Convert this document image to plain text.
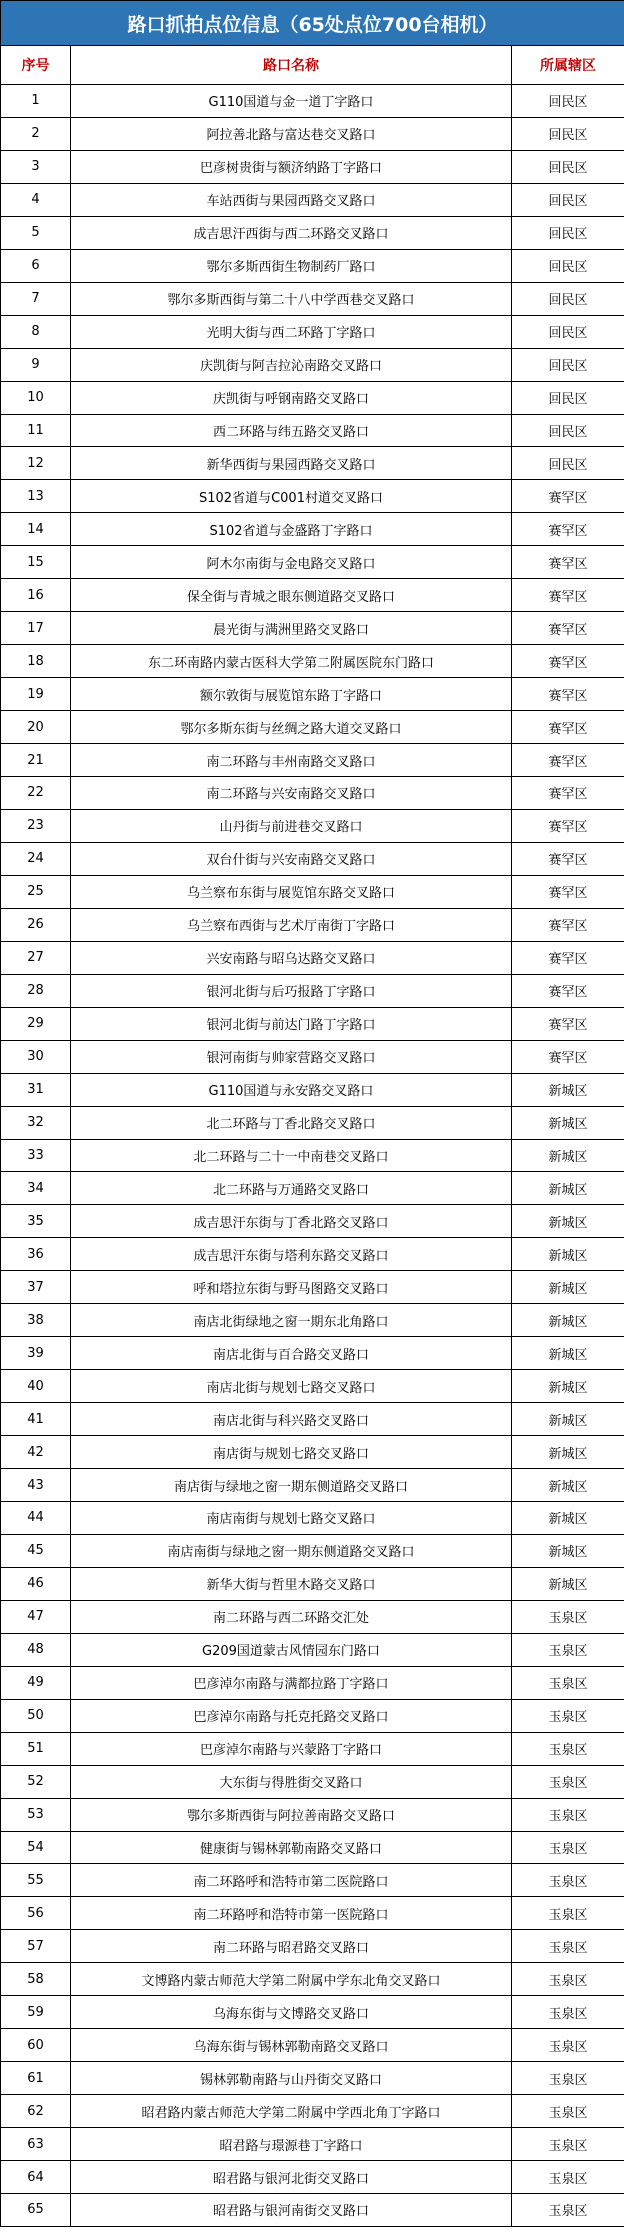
路口抓拍点位信息（65处点位700台相机）		
序号	路口名称	所属辖区
1	G110国道与金一道丁字路口	回民区
2	阿拉善北路与富达巷交叉路口	回民区
3	巴彦树贵街与额济纳路丁字路口	回民区
4	车站西街与果园西路交叉路口	回民区
5	成吉思汗西街与西二环路交叉路口	回民区
6	鄂尔多斯西街生物制药厂路口	回民区
7	鄂尔多斯西街与第二十八中学西巷交叉路口	回民区
8	光明大街与西二环路丁字路口	回民区
9	庆凯街与阿吉拉沁南路交叉路口	回民区
10	庆凯街与呼钢南路交叉路口	回民区
11	西二环路与纬五路交叉路口	回民区
12	新华西街与果园西路交叉路口	回民区
13	S102省道与C001村道交叉路口	赛罕区
14	S102省道与金盛路丁字路口	赛罕区
15	阿木尔南街与金电路交叉路口	赛罕区
16	保全街与青城之眼东侧道路交叉路口	赛罕区
17	晨光街与满洲里路交叉路口	赛罕区
18	东二环南路内蒙古医科大学第二附属医院东门路口	赛罕区
19	额尔敦街与展览馆东路丁字路口	赛罕区
20	鄂尔多斯东街与丝绸之路大道交叉路口	赛罕区
21	南二环路与丰州南路交叉路口	赛罕区
22	南二环路与兴安南路交叉路口	赛罕区
23	山丹街与前进巷交叉路口	赛罕区
24	双台什街与兴安南路交叉路口	赛罕区
25	乌兰察布东街与展览馆东路交叉路口	赛罕区
26	乌兰察布西街与艺术厅南街丁字路口	赛罕区
27	兴安南路与昭乌达路交叉路口	赛罕区
28	银河北街与后巧报路丁字路口	赛罕区
29	银河北街与前达门路丁字路口	赛罕区
30	银河南街与帅家营路交叉路口	赛罕区
31	G110国道与永安路交叉路口	新城区
32	北二环路与丁香北路交叉路口	新城区
33	北二环路与二十一中南巷交叉路口	新城区
34	北二环路与万通路交叉路口	新城区
35	成吉思汗东街与丁香北路交叉路口	新城区
36	成吉思汗东街与塔利东路交叉路口	新城区
37	呼和塔拉东街与野马图路交叉路口	新城区
38	南店北街绿地之窗一期东北角路口	新城区
39	南店北街与百合路交叉路口	新城区
40	南店北街与规划七路交叉路口	新城区
41	南店北街与科兴路交叉路口	新城区
42	南店街与规划七路交叉路口	新城区
43	南店街与绿地之窗一期东侧道路交叉路口	新城区
44	南店南街与规划七路交叉路口	新城区
45	南店南街与绿地之窗一期东侧道路交叉路口	新城区
46	新华大街与哲里木路交叉路口	新城区
47	南二环路与西二环路交汇处	玉泉区
48	G209国道蒙古风情园东门路口	玉泉区
49	巴彦淖尔南路与满都拉路丁字路口	玉泉区
50	巴彦淖尔南路与托克托路交叉路口	玉泉区
51	巴彦淖尔南路与兴蒙路丁字路口	玉泉区
52	大东街与得胜街交叉路口	玉泉区
53	鄂尔多斯西街与阿拉善南路交叉路口	玉泉区
54	健康街与锡林郭勒南路交叉路口	玉泉区
55	南二环路呼和浩特市第二医院路口	玉泉区
56	南二环路呼和浩特市第一医院路口	玉泉区
57	南二环路与昭君路交叉路口	玉泉区
58	文博路内蒙古师范大学第二附属中学东北角交叉路口	玉泉区
59	乌海东街与文博路交叉路口	玉泉区
60	乌海东街与锡林郭勒南路交叉路口	玉泉区
61	锡林郭勒南路与山丹街交叉路口	玉泉区
62	昭君路内蒙古师范大学第二附属中学西北角丁字路口	玉泉区
63	昭君路与璟源巷丁字路口	玉泉区
64	昭君路与银河北街交叉路口	玉泉区
65	昭君路与银河南街交叉路口	玉泉区
